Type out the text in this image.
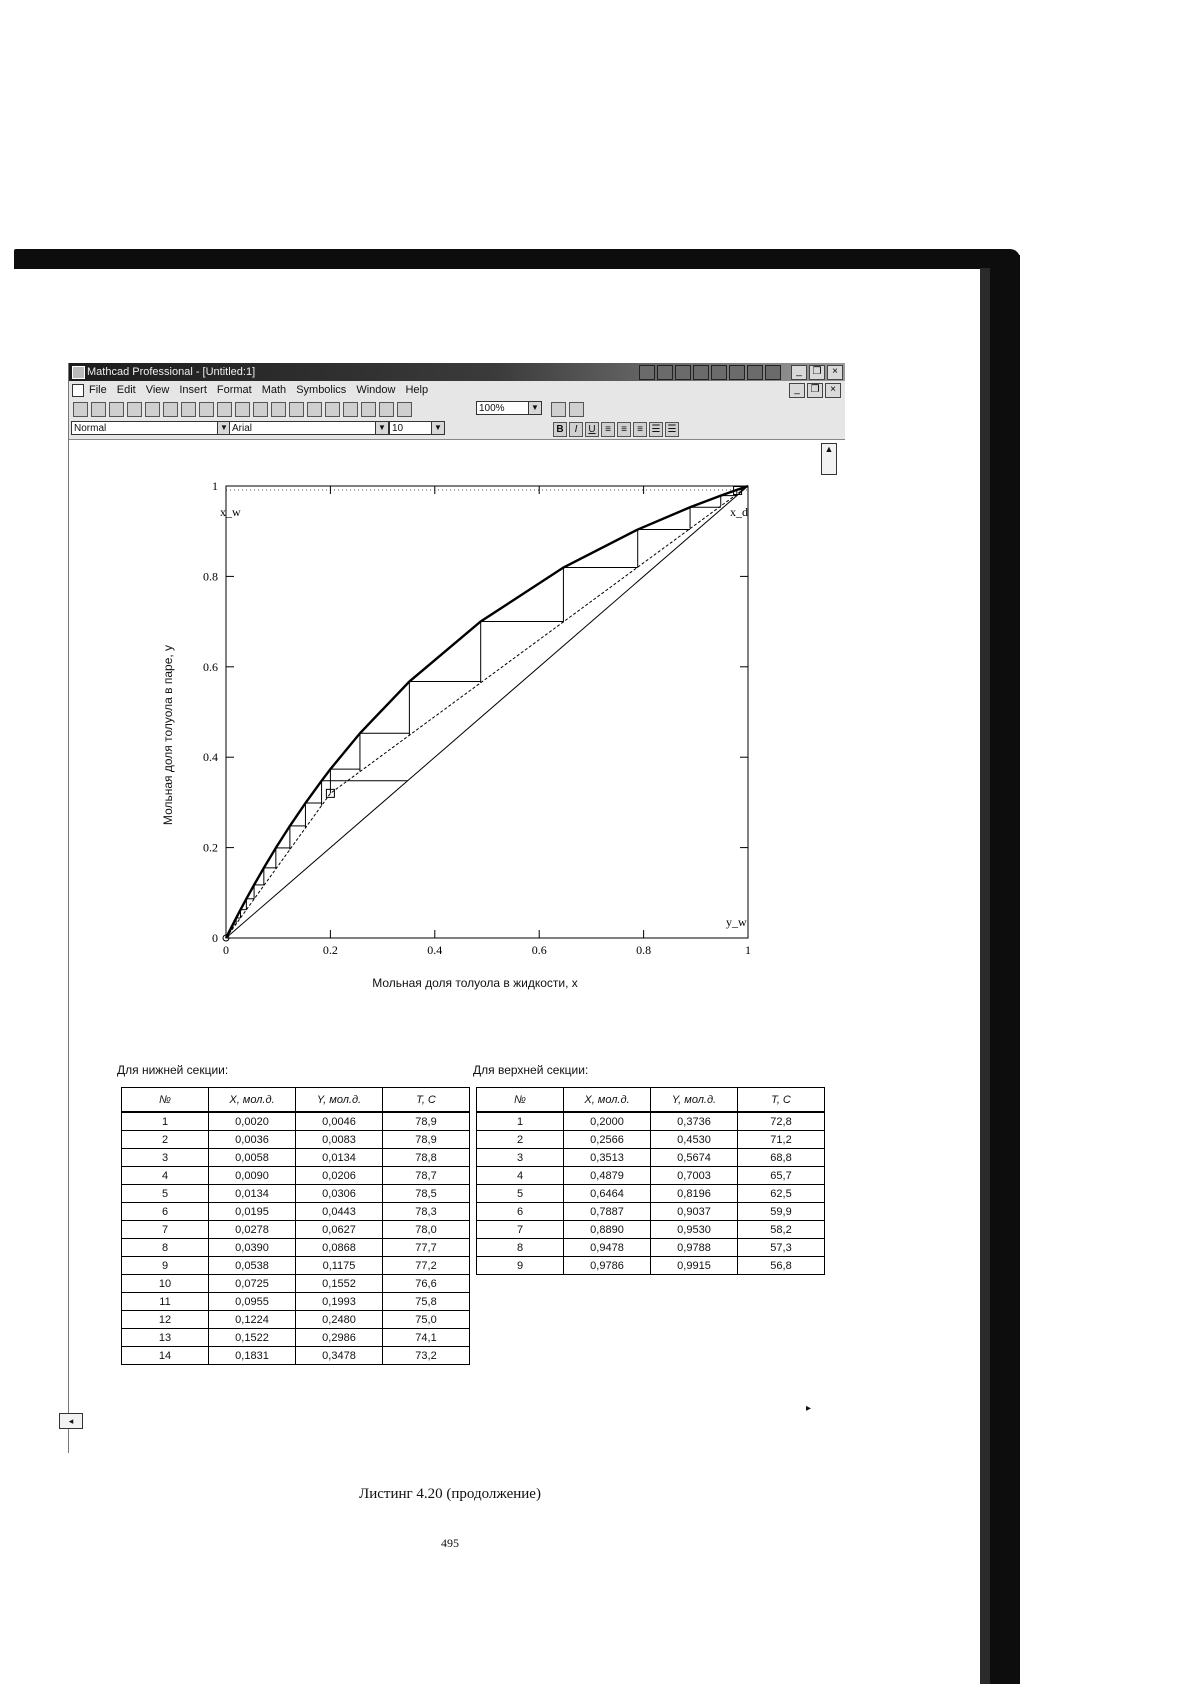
Mathcad Professional - [Untitled:1]	_	❐	×
File Edit View Insert Format Math Symbolics Window Help	_	❐	×
100%	▼
Normal	▼ Arial	▼ 10	▼	B	I	U ≡	≡	≡ ☰ ☰
▲
◂
▸
0	0.2	0.4	0.6	0.8	1
0
0.2
0.4
0.6
0.8
1
x_w	x_d
y_w
Мольная доля толуола в жидкости, x
Мольная доля толуола в паре, y
Для нижней секции:
№	X, мол.д.	Y, мол.д.	T, C
1	0,0020	0,0046	78,9
2	0,0036	0,0083	78,9
3	0,0058	0,0134	78,8
4	0,0090	0,0206	78,7
5	0,0134	0,0306	78,5
6	0,0195	0,0443	78,3
7	0,0278	0,0627	78,0
8	0,0390	0,0868	77,7
9	0,0538	0,1175	77,2
10	0,0725	0,1552	76,6
11	0,0955	0,1993	75,8
12	0,1224	0,2480	75,0
13	0,1522	0,2986	74,1
14	0,1831	0,3478	73,2
Для верхней секции:
№	X, мол.д.	Y, мол.д.	T, C
1	0,2000	0,3736	72,8
2	0,2566	0,4530	71,2
3	0,3513	0,5674	68,8
4	0,4879	0,7003	65,7
5	0,6464	0,8196	62,5
6	0,7887	0,9037	59,9
7	0,8890	0,9530	58,2
8	0,9478	0,9788	57,3
9	0,9786	0,9915	56,8
Листинг 4.20 (продолжение)
495
